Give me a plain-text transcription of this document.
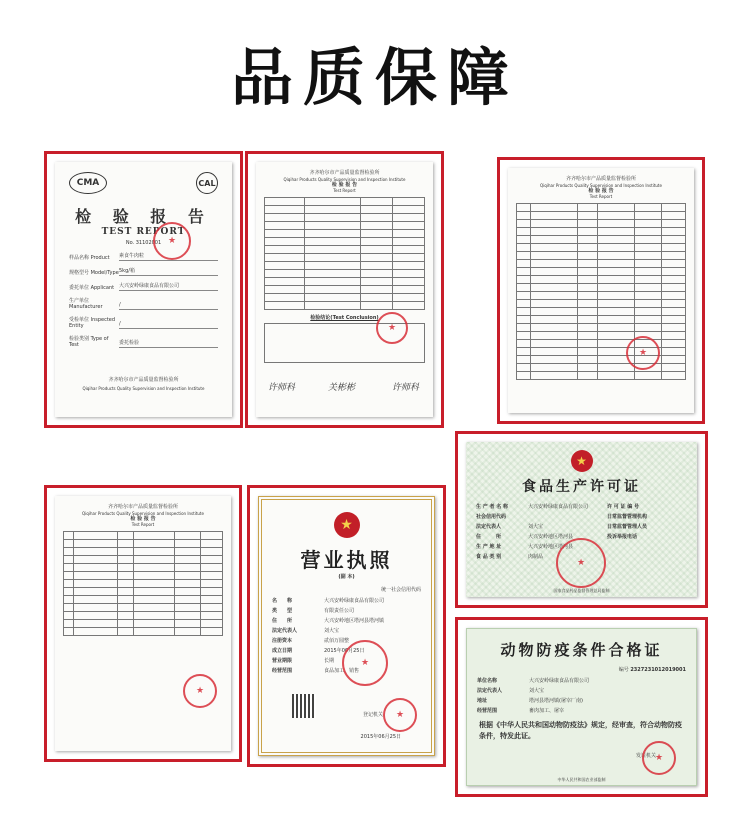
品质保障
CMA	CAL
检 验 报 告
TEST REPORT
No. 31102001
样品名称 Product	素食牛肉粒
规格型号 Model/Type 5kg/箱
委托单位 Applicant 大兴安岭绿康食品有限公司
生产单位 Manufacturer	/
受检单位 Inspected Entity	/
检验类别 Type of Test	委托检验
★
齐齐哈尔市产品质量监督检验所
Qiqihar Products Quality Supervision and Inspection Institute
齐齐哈尔市产品质量监督检验所
Qiqihar Products Quality Supervision and Inspection Institute
检 验 报 告
Test Report

检验结论(Test Conclusion)
★
许师科	关彬彬	许师科
齐齐哈尔市产品质量监督检验所
Qiqihar Products Quality Supervision and Inspection Institute
检 验 报 告
Test Report

★
齐齐哈尔市产品质量监督检验所
Qiqihar Products Quality Supervision and Inspection Institute
检 验 报 告
Test Report

★
★
营业执照
(副 本)
统一社会信用代码
名　　称	大兴安岭绿康食品有限公司
类　　型	有限责任公司
住　　所	大兴安岭地区塔河县塔河镇
法定代表人	刘大宝
注册资本	贰佰万圆整
成立日期	2015年06月25日
营业期限	长期
经营范围	食品加工、销售
★
登记机关	★
2015年06月25日
★
食品生产许可证
生 产 者 名 称	大兴安岭绿康食品有限公司
社会信用代码
法定代表人	刘大宝
住　　　所	大兴安岭地区塔河县
生 产 地 址	大兴安岭地区塔河县
食 品 类 别	肉制品
许 可 证 编 号
日常监督管理机构
日常监督管理人员
投诉举报电话
★
国家食品药品监督管理总局监制
动物防疫条件合格证
编号 2327231012019001
单位名称	大兴安岭绿康食品有限公司
法定代表人	刘大宝
地址	塔河县塔河镇(屠宰厂南)
经营范围	畜肉加工、屠宰
根据《中华人民共和国动物防疫法》规定，经审查，符合动物防疫条件，特发此证。
发证机关
★
中华人民共和国农业部监制
